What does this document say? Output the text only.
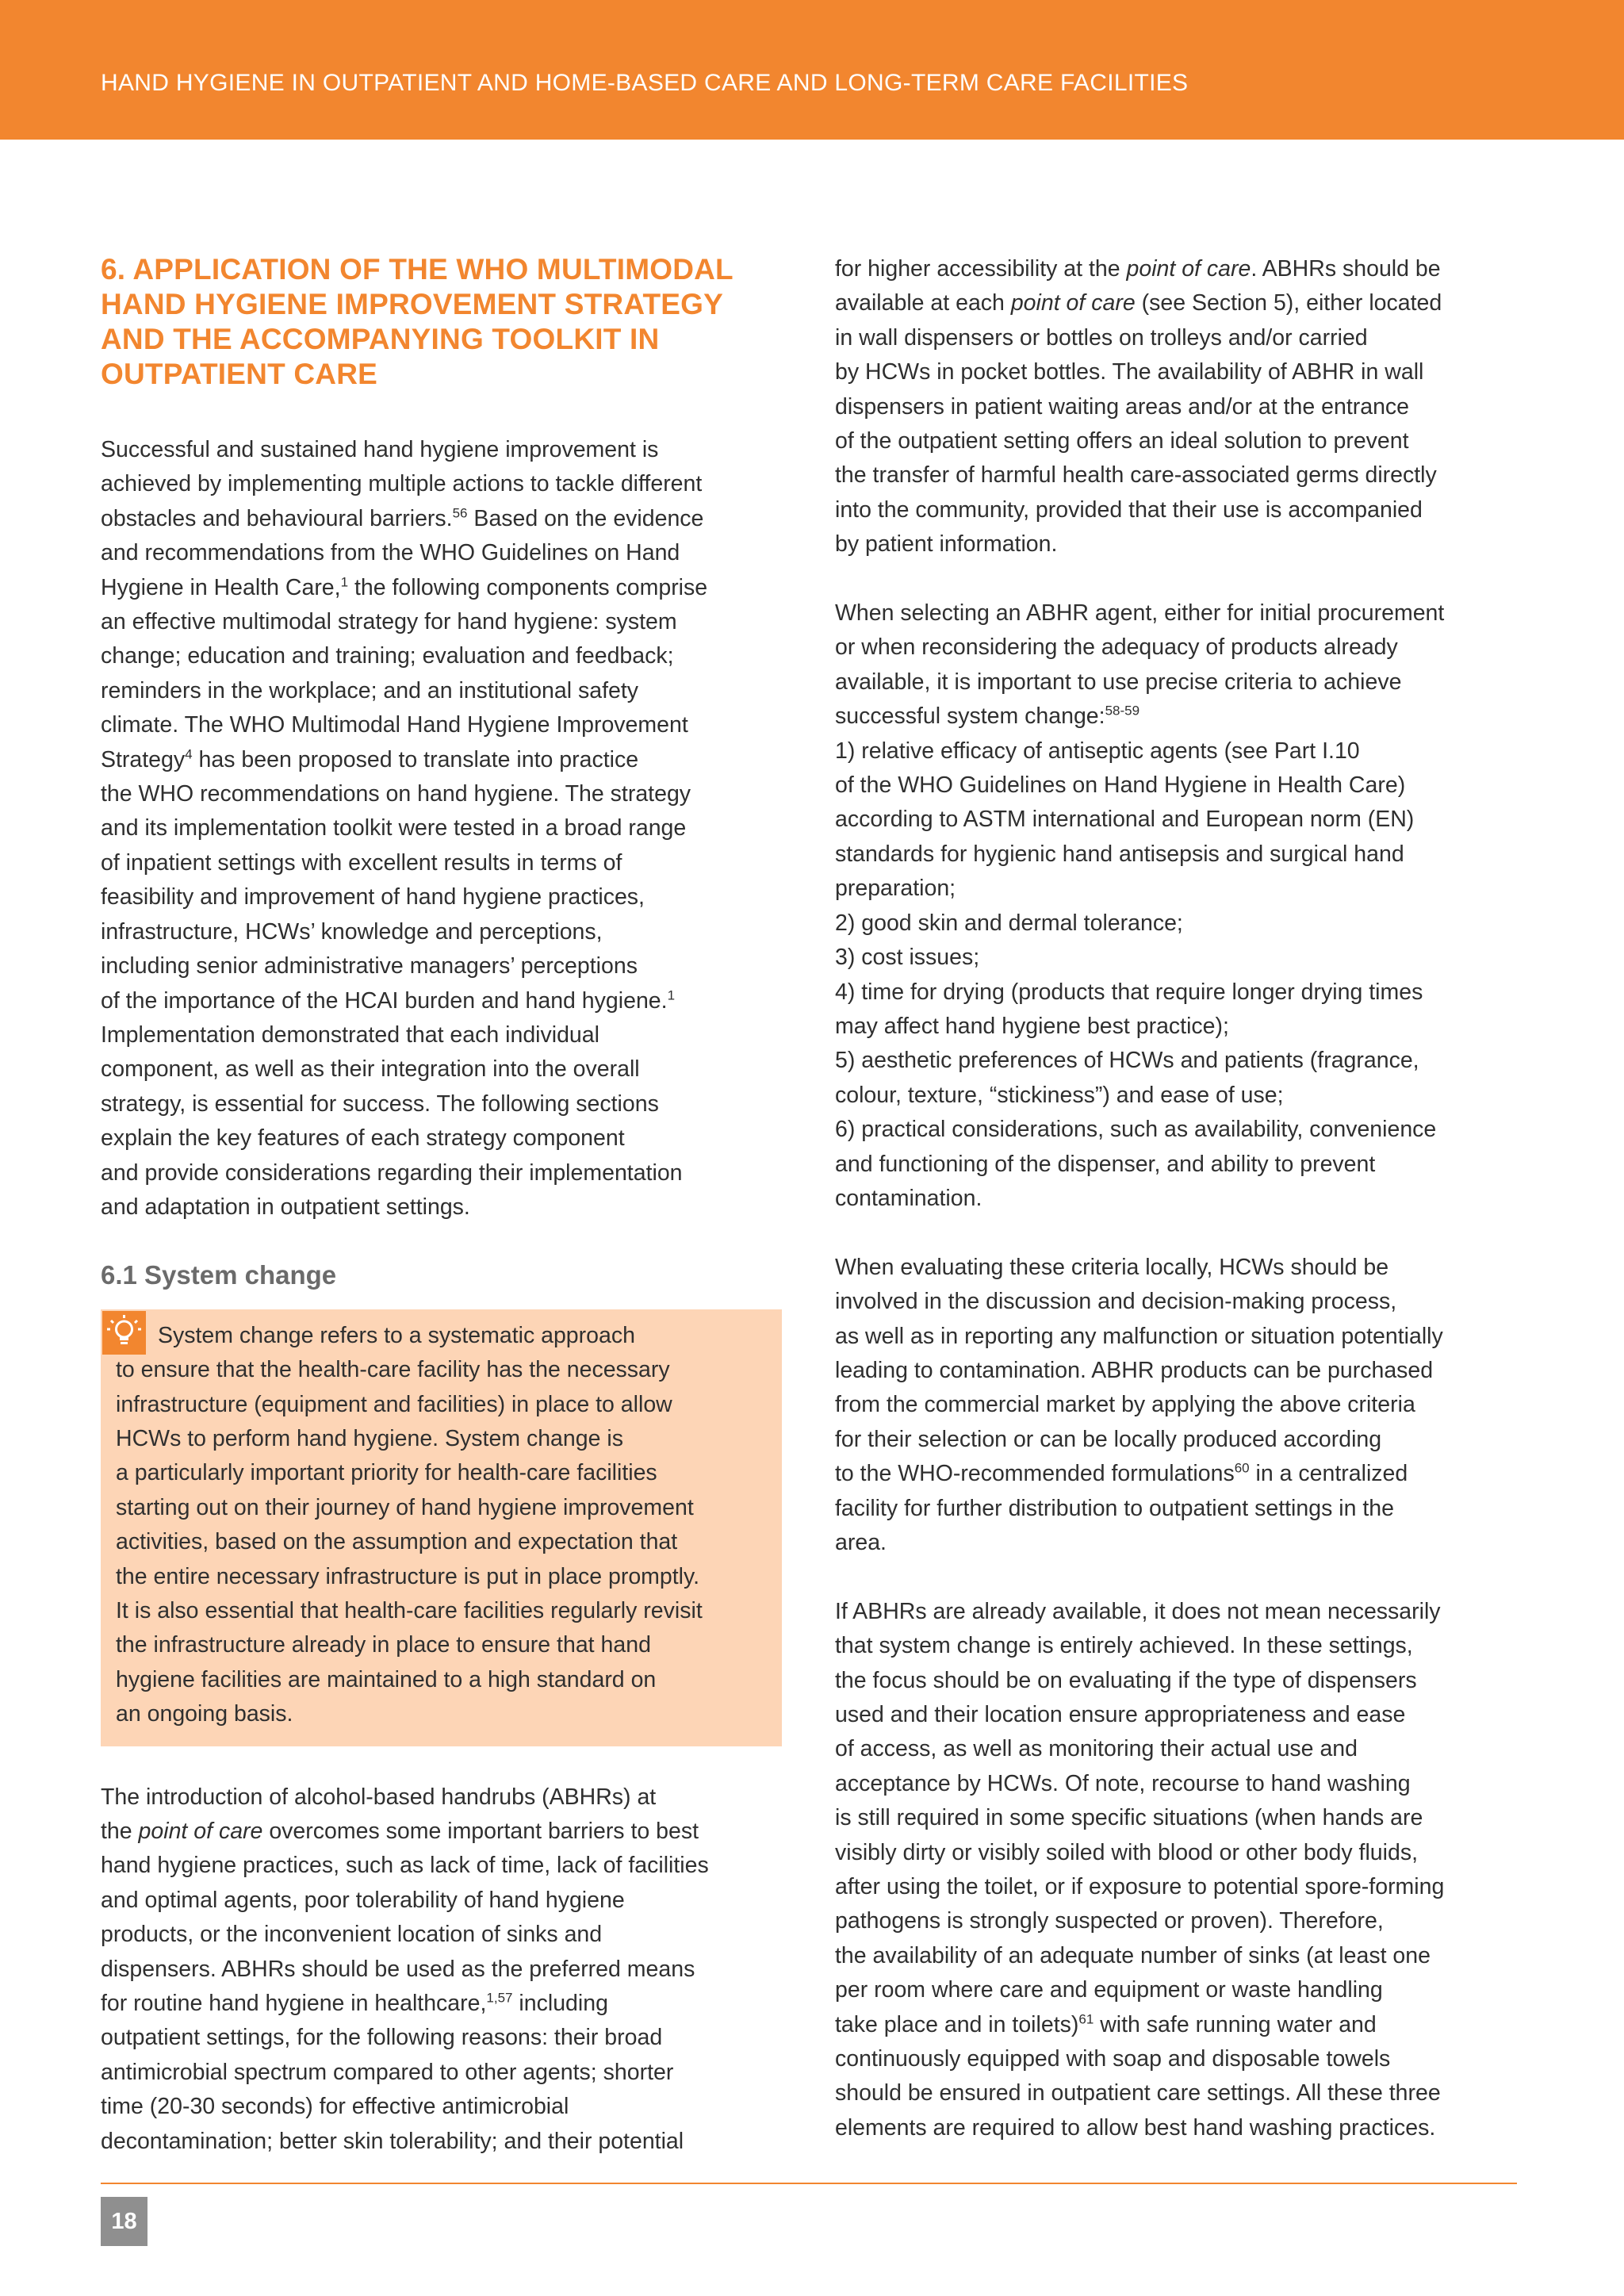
HAND HYGIENE IN OUTPATIENT AND HOME-BASED CARE AND LONG-TERM CARE FACILITIES
6. APPLICATION OF THE WHO MULTIMODAL
HAND HYGIENE IMPROVEMENT STRATEGY
AND THE ACCOMPANYING TOOLKIT IN
OUTPATIENT CARE
Successful and sustained hand hygiene improvement is
achieved by implementing multiple actions to tackle different
obstacles and behavioural barriers.$^{56}$ Based on the evidence
and recommendations from the WHO Guidelines on Hand
Hygiene in Health Care,$^1$ the following components comprise
an effective multimodal strategy for hand hygiene: system
change; education and training; evaluation and feedback;
reminders in the workplace; and an institutional safety
climate. The WHO Multimodal Hand Hygiene Improvement
Strategy$^4$ has been proposed to translate into practice
the WHO recommendations on hand hygiene. The strategy
and its implementation toolkit were tested in a broad range
of inpatient settings with excellent results in terms of
feasibility and improvement of hand hygiene practices,
infrastructure, HCWs’ knowledge and perceptions,
including senior administrative managers’ perceptions
of the importance of the HCAI burden and hand hygiene.$^1$
Implementation demonstrated that each individual
component, as well as their integration into the overall
strategy, is essential for success. The following sections
explain the key features of each strategy component
and provide considerations regarding their implementation
and adaptation in outpatient settings.
6.1 System change
System change refers to a systematic approach
to ensure that the health-care facility has the necessary
infrastructure (equipment and facilities) in place to allow
HCWs to perform hand hygiene. System change is
a particularly important priority for health-care facilities
starting out on their journey of hand hygiene improvement
activities, based on the assumption and expectation that
the entire necessary infrastructure is put in place promptly.
It is also essential that health-care facilities regularly revisit
the infrastructure already in place to ensure that hand
hygiene facilities are maintained to a high standard on
an ongoing basis.
The introduction of alcohol-based handrubs (ABHRs) at
the point of care overcomes some important barriers to best
hand hygiene practices, such as lack of time, lack of facilities
and optimal agents, poor tolerability of hand hygiene
products, or the inconvenient location of sinks and
dispensers. ABHRs should be used as the preferred means
for routine hand hygiene in healthcare,$^{1,57}$ including
outpatient settings, for the following reasons: their broad
antimicrobial spectrum compared to other agents; shorter
time (20-30 seconds) for effective antimicrobial
decontamination; better skin tolerability; and their potential
for higher accessibility at the point of care. ABHRs should be
available at each point of care (see Section 5), either located
in wall dispensers or bottles on trolleys and/or carried
by HCWs in pocket bottles. The availability of ABHR in wall
dispensers in patient waiting areas and/or at the entrance
of the outpatient setting offers an ideal solution to prevent
the transfer of harmful health care-associated germs directly
into the community, provided that their use is accompanied
by patient information.
When selecting an ABHR agent, either for initial procurement
or when reconsidering the adequacy of products already
available, it is important to use precise criteria to achieve
successful system change:$^{58-59}$
1) relative efficacy of antiseptic agents (see Part I.10
of the WHO Guidelines on Hand Hygiene in Health Care)
according to ASTM international and European norm (EN)
standards for hygienic hand antisepsis and surgical hand
preparation;
2) good skin and dermal tolerance;
3) cost issues;
4) time for drying (products that require longer drying times
may affect hand hygiene best practice);
5) aesthetic preferences of HCWs and patients (fragrance,
colour, texture, “stickiness”) and ease of use;
6) practical considerations, such as availability, convenience
and functioning of the dispenser, and ability to prevent
contamination.
When evaluating these criteria locally, HCWs should be
involved in the discussion and decision-making process,
as well as in reporting any malfunction or situation potentially
leading to contamination. ABHR products can be purchased
from the commercial market by applying the above criteria
for their selection or can be locally produced according
to the WHO-recommended formulations$^{60}$ in a centralized
facility for further distribution to outpatient settings in the
area.
If ABHRs are already available, it does not mean necessarily
that system change is entirely achieved. In these settings,
the focus should be on evaluating if the type of dispensers
used and their location ensure appropriateness and ease
of access, as well as monitoring their actual use and
acceptance by HCWs. Of note, recourse to hand washing
is still required in some specific situations (when hands are
visibly dirty or visibly soiled with blood or other body fluids,
after using the toilet, or if exposure to potential spore-forming
pathogens is strongly suspected or proven). Therefore,
the availability of an adequate number of sinks (at least one
per room where care and equipment or waste handling
take place and in toilets)$^{61}$ with safe running water and
continuously equipped with soap and disposable towels
should be ensured in outpatient care settings. All these three
elements are required to allow best hand washing practices.
18
